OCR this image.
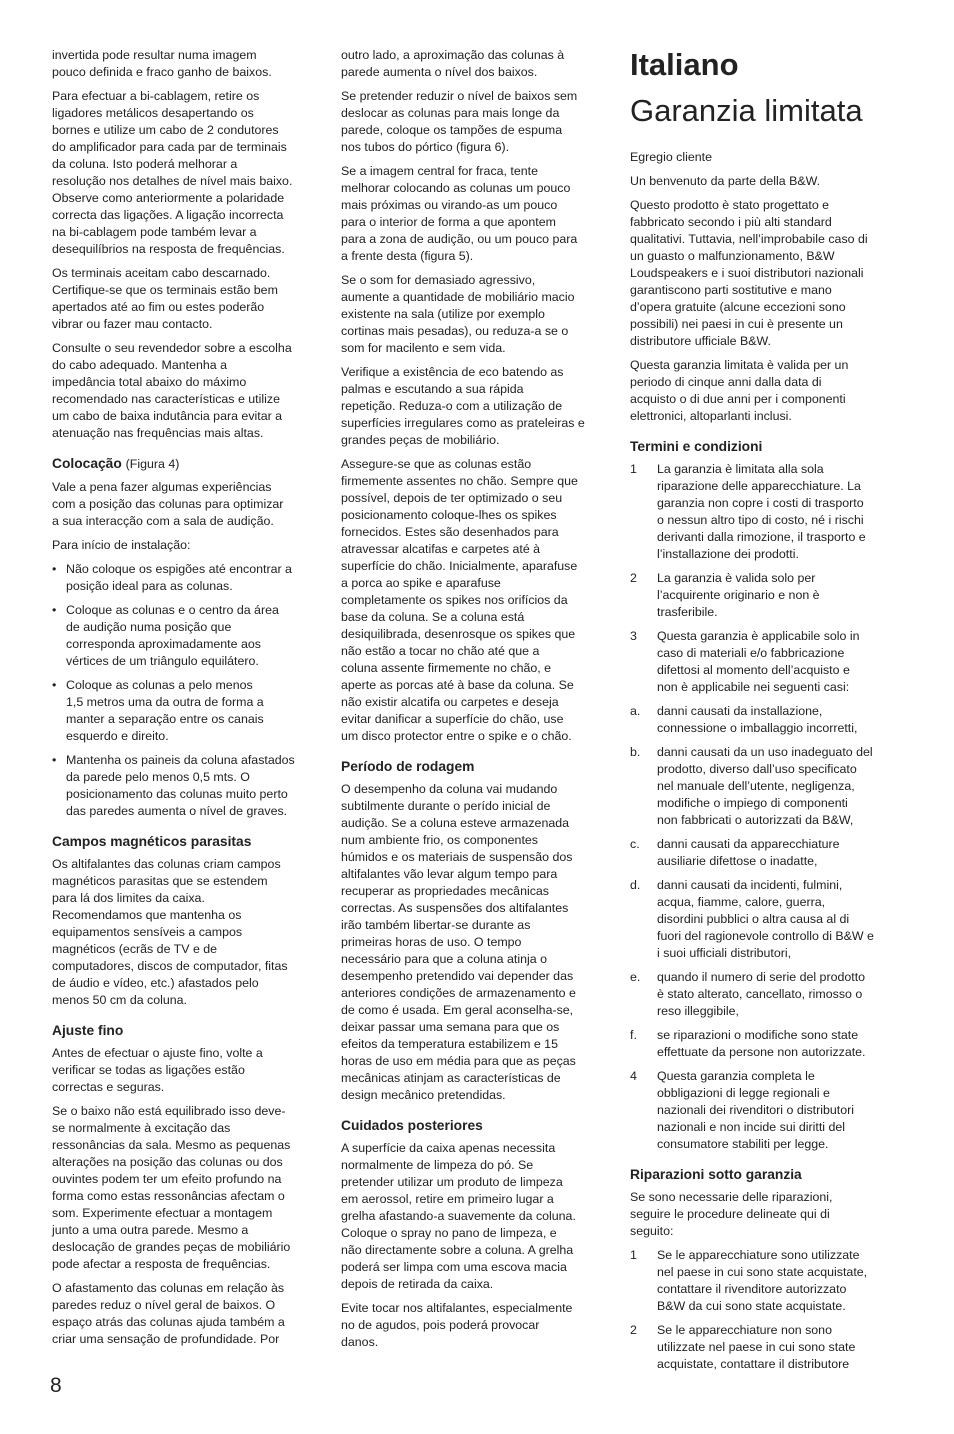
invertida pode resultar numa imagem
pouco definida e fraco ganho de baixos.
Para efectuar a bi-cablagem, retire os
ligadores metálicos desapertando os
bornes e utilize um cabo de 2 condutores
do amplificador para cada par de terminais
da coluna. Isto poderá melhorar a
resolução nos detalhes de nível mais baixo.
Observe como anteriormente a polaridade
correcta das ligações. A ligação incorrecta
na bi-cablagem pode também levar a
desequilíbrios na resposta de frequências.
Os terminais aceitam cabo descarnado.
Certifique-se que os terminais estão bem
apertados até ao fim ou estes poderão
vibrar ou fazer mau contacto.
Consulte o seu revendedor sobre a escolha
do cabo adequado. Mantenha a
impedância total abaixo do máximo
recomendado nas características e utilize
um cabo de baixa indutância para evitar a
atenuação nas frequências mais altas.
Colocação (Figura 4)
Vale a pena fazer algumas experiências
com a posição das colunas para optimizar
a sua interacção com a sala de audição.
Para início de instalação:
• Não coloque os espigões até encontrar a
posição ideal para as colunas.
• Coloque as colunas e o centro da área
de audição numa posição que
corresponda aproximadamente aos
vértices de um triângulo equilátero.
• Coloque as colunas a pelo menos
1,5 metros uma da outra de forma a
manter a separação entre os canais
esquerdo e direito.
• Mantenha os paineis da coluna afastados
da parede pelo menos 0,5 mts. O
posicionamento das colunas muito perto
das paredes aumenta o nível de graves.
Campos magnéticos parasitas
Os altifalantes das colunas criam campos
magnéticos parasitas que se estendem
para lá dos limites da caixa.
Recomendamos que mantenha os
equipamentos sensíveis a campos
magnéticos (ecrãs de TV e de
computadores, discos de computador, fitas
de áudio e vídeo, etc.) afastados pelo
menos 50 cm da coluna.
Ajuste fino
Antes de efectuar o ajuste fino, volte a
verificar se todas as ligações estão
correctas e seguras.
Se o baixo não está equilibrado isso deve-
se normalmente à excitação das
ressonâncias da sala. Mesmo as pequenas
alterações na posição das colunas ou dos
ouvintes podem ter um efeito profundo na
forma como estas ressonâncias afectam o
som. Experimente efectuar a montagem
junto a uma outra parede. Mesmo a
deslocação de grandes peças de mobiliário
pode afectar a resposta de frequências.
O afastamento das colunas em relação às
paredes reduz o nível geral de baixos. O
espaço atrás das colunas ajuda também a
criar uma sensação de profundidade. Por
outro lado, a aproximação das colunas à
parede aumenta o nível dos baixos.
Se pretender reduzir o nível de baixos sem
deslocar as colunas para mais longe da
parede, coloque os tampões de espuma
nos tubos do pórtico (figura 6).
Se a imagem central for fraca, tente
melhorar colocando as colunas um pouco
mais próximas ou virando-as um pouco
para o interior de forma a que apontem
para a zona de audição, ou um pouco para
a frente desta (figura 5).
Se o som for demasiado agressivo,
aumente a quantidade de mobiliário macio
existente na sala (utilize por exemplo
cortinas mais pesadas), ou reduza-a se o
som for macilento e sem vida.
Verifique a existência de eco batendo as
palmas e escutando a sua rápida
repetição. Reduza-o com a utilização de
superfícies irregulares como as prateleiras e
grandes peças de mobiliário.
Assegure-se que as colunas estão
firmemente assentes no chão. Sempre que
possível, depois de ter optimizado o seu
posicionamento coloque-lhes os spikes
fornecidos. Estes são desenhados para
atravessar alcatifas e carpetes até à
superfície do chão. Inicialmente, aparafuse
a porca ao spike e aparafuse
completamente os spikes nos orifícios da
base da coluna. Se a coluna está
desiquilibrada, desenrosque os spikes que
não estão a tocar no chão até que a
coluna assente firmemente no chão, e
aperte as porcas até à base da coluna. Se
não existir alcatifa ou carpetes e deseja
evitar danificar a superfície do chão, use
um disco protector entre o spike e o chão.
Período de rodagem
O desempenho da coluna vai mudando
subtilmente durante o perído inicial de
audição. Se a coluna esteve armazenada
num ambiente frio, os componentes
húmidos e os materiais de suspensão dos
altifalantes vão levar algum tempo para
recuperar as propriedades mecânicas
correctas. As suspensões dos altifalantes
irão também libertar-se durante as
primeiras horas de uso. O tempo
necessário para que a coluna atinja o
desempenho pretendido vai depender das
anteriores condições de armazenamento e
de como é usada. Em geral aconselha-se,
deixar passar uma semana para que os
efeitos da temperatura estabilizem e 15
horas de uso em média para que as peças
mecânicas atinjam as características de
design mecânico pretendidas.
Cuidados posteriores
A superfície da caixa apenas necessita
normalmente de limpeza do pó. Se
pretender utilizar um produto de limpeza
em aerossol, retire em primeiro lugar a
grelha afastando-a suavemente da coluna.
Coloque o spray no pano de limpeza, e
não directamente sobre a coluna. A grelha
poderá ser limpa com uma escova macia
depois de retirada da caixa.
Evite tocar nos altifalantes, especialmente
no de agudos, pois poderá provocar
danos.
Italiano
Garanzia limitata
Egregio cliente
Un benvenuto da parte della B&W.
Questo prodotto è stato progettato e
fabbricato secondo i più alti standard
qualitativi. Tuttavia, nell’improbabile caso di
un guasto o malfunzionamento, B&W
Loudspeakers e i suoi distributori nazionali
garantiscono parti sostitutive e mano
d’opera gratuite (alcune eccezioni sono
possibili) nei paesi in cui è presente un
distributore ufficiale B&W.
Questa garanzia limitata è valida per un
periodo di cinque anni dalla data di
acquisto o di due anni per i componenti
elettronici, altoparlanti inclusi.
Termini e condizioni
1 La garanzia è limitata alla sola
riparazione delle apparecchiature. La
garanzia non copre i costi di trasporto
o nessun altro tipo di costo, né i rischi
derivanti dalla rimozione, il trasporto e
l’installazione dei prodotti.
2 La garanzia è valida solo per
l’acquirente originario e non è
trasferibile.
3 Questa garanzia è applicabile solo in
caso di materiali e/o fabbricazione
difettosi al momento dell’acquisto e
non è applicabile nei seguenti casi:
a. danni causati da installazione,
connessione o imballaggio incorretti,
b. danni causati da un uso inadeguato del
prodotto, diverso dall’uso specificato
nel manuale dell’utente, negligenza,
modifiche o impiego di componenti
non fabbricati o autorizzati da B&W,
c. danni causati da apparecchiature
ausiliarie difettose o inadatte,
d. danni causati da incidenti, fulmini,
acqua, fiamme, calore, guerra,
disordini pubblici o altra causa al di
fuori del ragionevole controllo di B&W e
i suoi ufficiali distributori,
e. quando il numero di serie del prodotto
è stato alterato, cancellato, rimosso o
reso illeggibile,
f. se riparazioni o modifiche sono state
effettuate da persone non autorizzate.
4 Questa garanzia completa le
obbligazioni di legge regionali e
nazionali dei rivenditori o distributori
nazionali e non incide sui diritti del
consumatore stabiliti per legge.
Riparazioni sotto garanzia
Se sono necessarie delle riparazioni,
seguire le procedure delineate qui di
seguito:
1 Se le apparecchiature sono utilizzate
nel paese in cui sono state acquistate,
contattare il rivenditore autorizzato
B&W da cui sono state acquistate.
2 Se le apparecchiature non sono
utilizzate nel paese in cui sono state
acquistate, contattare il distributore
8
